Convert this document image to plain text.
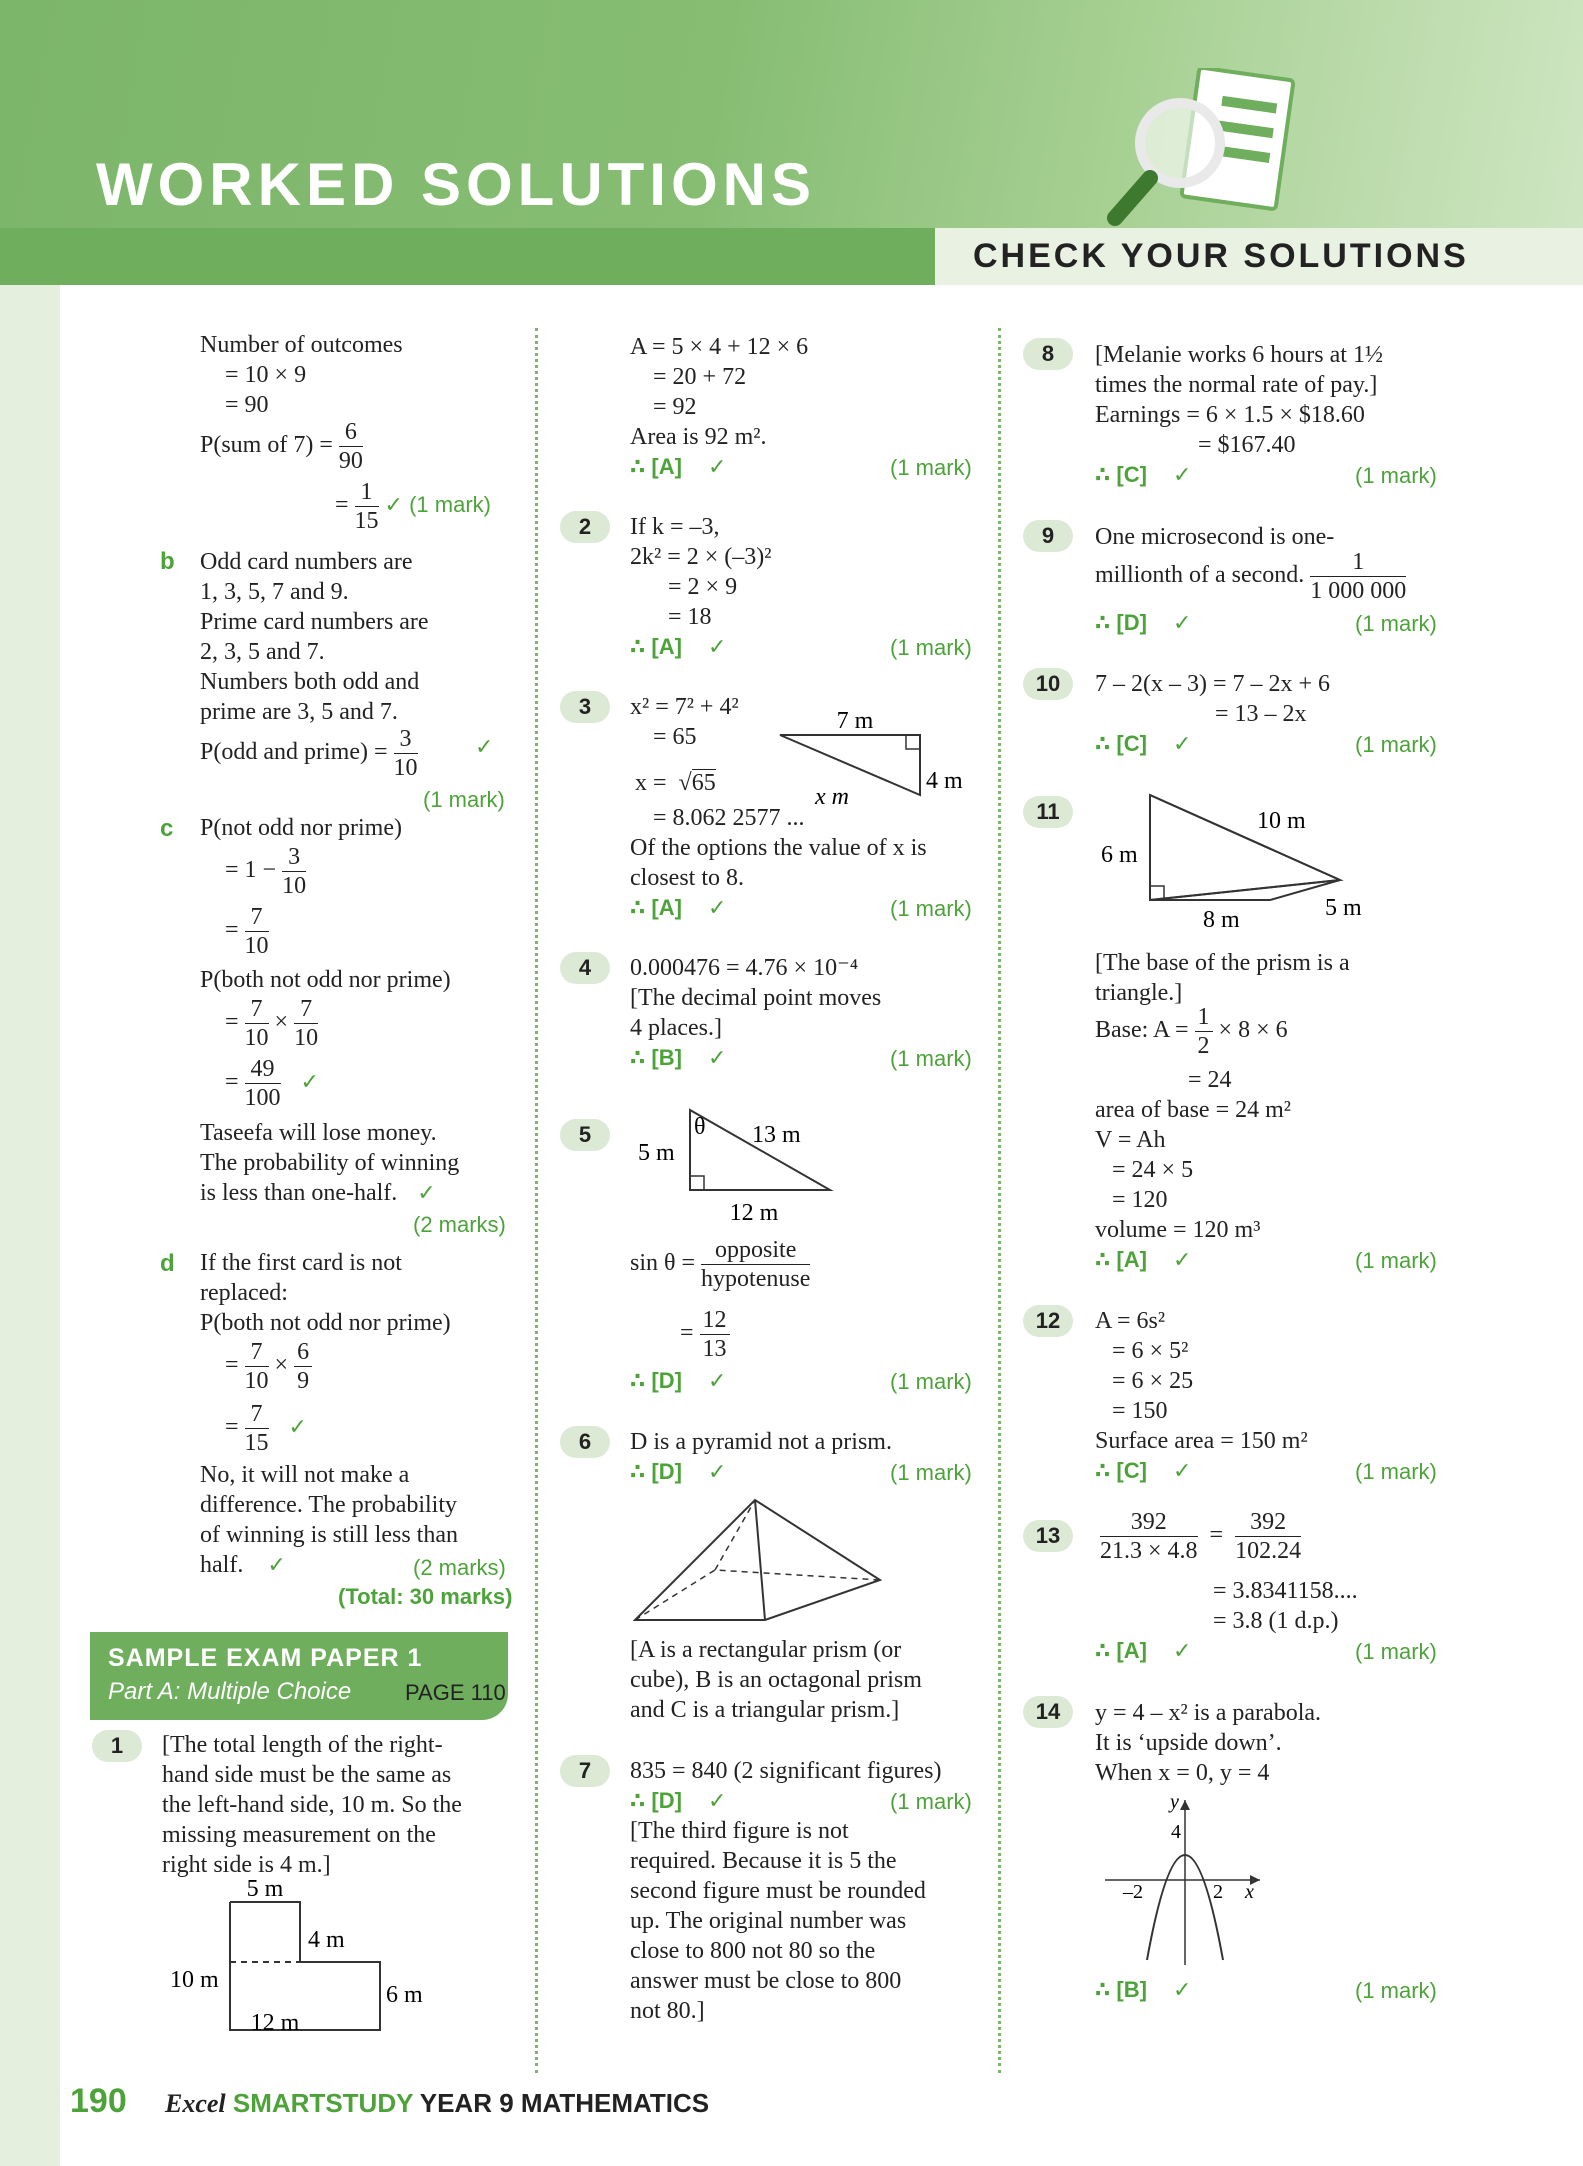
WORKED SOLUTIONS
CHECK YOUR SOLUTIONS
Number of outcomes
= 10 × 9
= 90
P(sum of $7) = \frac{6}{90}$
= $\frac{1}{15}$ ✓ (1 mark)
b Odd card numbers are
1, 3, 5, 7 and 9.
Prime card numbers are
2, 3, 5 and 7.
Numbers both odd and
prime are 3, 5 and 7.
P(odd and prime) = $\frac{3}{10}$	✓
(1 mark)
c P(not odd nor prime)
= $1 - \frac{3}{10}$
= $\frac{7}{10}$
P(both not odd nor prime)
= $\frac{7}{10} \times \frac{7}{10}$
= $\frac{49}{100}$ ✓
Taseefa will lose money.
The probability of winning
is less than one-half. ✓
(2 marks)
d If the first card is not
replaced:
P(both not odd nor prime)
= $\frac{7}{10} \times \frac{6}{9}$
= $\frac{7}{15}$ ✓
No, it will not make a
difference. The probability
of winning is still less than
half. ✓	(2 marks)
(Total: 30 marks)
SAMPLE EXAM PAPER 1
Part A: Multiple Choice PAGE 110
1	[The total length of the right-
hand side must be the same as
the left-hand side, 10 m. So the
missing measurement on the
right side is 4 m.]
5 m
4 m
10 m
6 m
12 m
A = 5 × 4 + 12 × 6
= 20 + 72
= 92
Area is 92 m².
∴ [A] ✓	(1 mark)
2	If k = –3,
2k² = 2 × (–3)²
= 2 × 9
= 18
∴ [A] ✓	(1 mark)
3	x² = 7² + 4²
= 65
x = √65
= 8.062 2577 ...
Of the options the value of x is
closest to 8.
∴ [A] ✓	(1 mark)
7 m
4 m
x m
4	0.000476 = 4.76 × 10⁻⁴
[The decimal point moves
4 places.]
∴ [B] ✓	(1 mark)
5	θ 13 m
5 m
12 m
$\sin \theta = \frac{\text{opposite}}{\text{hypotenuse}}$
= $\frac{12}{13}$
∴ [D] ✓	(1 mark)
6	D is a pyramid not a prism.
∴ [D] ✓	(1 mark)
[A is a rectangular prism (or
cube), B is an octagonal prism
and C is a triangular prism.]
7	835 = 840 (2 significant figures)
∴ [D] ✓	(1 mark)
[The third figure is not
required. Because it is 5 the
second figure must be rounded
up. The original number was
close to 800 not 80 so the
answer must be close to 800
not 80.]
8	[Melanie works 6 hours at 1½
times the normal rate of pay.]
Earnings = 6 × 1.5 × $18.60
= $167.40
∴ [C] ✓	(1 mark)
9	One microsecond is one-
millionth of a second. $\frac{1}{1 000 000}$
∴ [D] ✓	(1 mark)
10	7 – 2(x – 3) = 7 – 2x + 6
= 13 – 2x
∴ [C] ✓	(1 mark)
11	10 m
6 m
8 m	5 m
[The base of the prism is a
triangle.]
Base: $A = \frac{1}{2} \times 8 \times 6$
= 24
area of base = 24 m²
V = Ah
= 24 × 5
= 120
volume = 120 m³
∴ [A] ✓	(1 mark)
12	A = 6s²
= 6 × 5²
= 6 × 25
= 150
Surface area = 150 m²
∴ [C] ✓	(1 mark)
13	$\frac{392}{21.3 \times 4.8} = \frac{392}{102.24}$
= 3.8341158....
= 3.8 (1 d.p.)
∴ [A] ✓	(1 mark)
14	y = 4 – x² is a parabola.
It is ‘upside down’.
When x = 0, y = 4
y
x
4
–2	2
∴ [B] ✓	(1 mark)
190 Excel SMARTSTUDY YEAR 9 MATHEMATICS
